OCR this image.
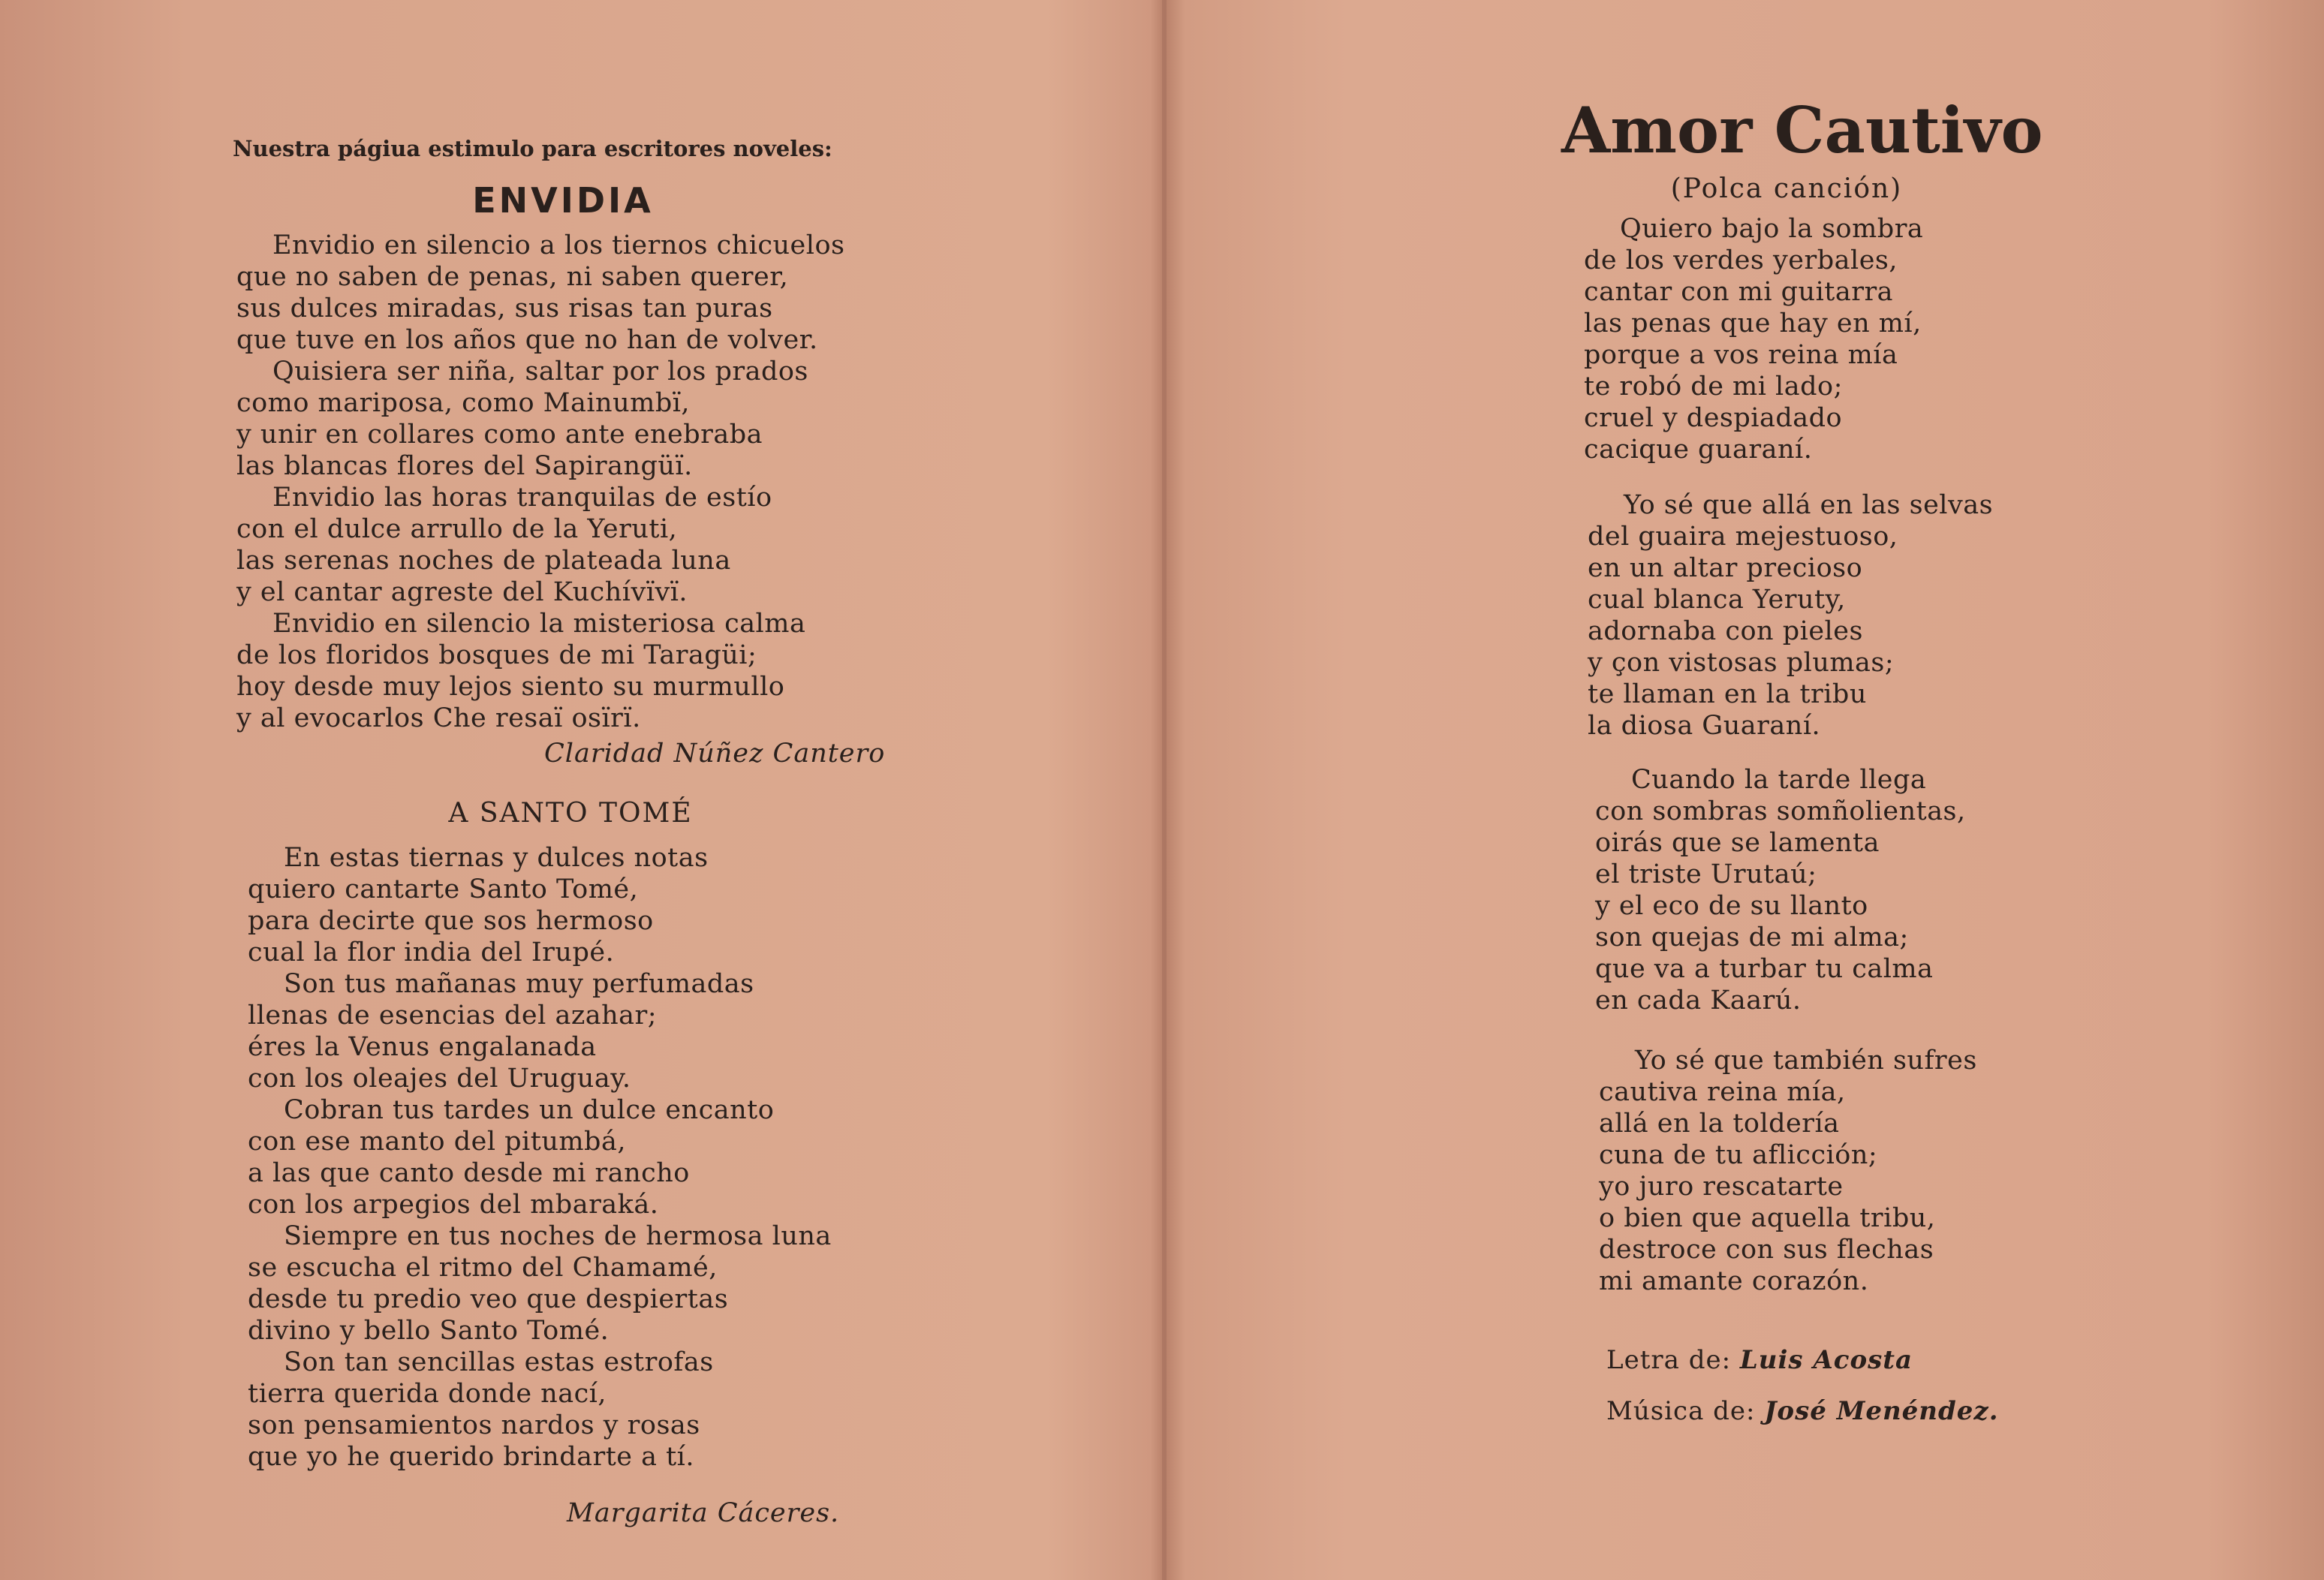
Nuestra págiua estimulo para escritores noveles:
ENVIDIA
Envidio en silencio a los tiernos chicuelos
que no saben de penas, ni saben querer,
sus dulces miradas, sus risas tan puras
que tuve en los años que no han de volver.
Quisiera ser niña, saltar por los prados
como mariposa, como Mainumbï,
y unir en collares como ante enebraba
las blancas flores del Sapirangüï.
Envidio las horas tranquilas de estío
con el dulce arrullo de la Yeruti,
las serenas noches de plateada luna
y el cantar agreste del Kuchívïvï.
Envidio en silencio la misteriosa calma
de los floridos bosques de mi Taragüi;
hoy desde muy lejos siento su murmullo
y al evocarlos Che resaï osïrï.
Claridad Núñez Cantero
A SANTO TOMÉ
En estas tiernas y dulces notas
quiero cantarte Santo Tomé,
para decirte que sos hermoso
cual la flor india del Irupé.
Son tus mañanas muy perfumadas
llenas de esencias del azahar;
éres la Venus engalanada
con los oleajes del Uruguay.
Cobran tus tardes un dulce encanto
con ese manto del pitumbá,
a las que canto desde mi rancho
con los arpegios del mbaraká.
Siempre en tus noches de hermosa luna
se escucha el ritmo del Chamamé,
desde tu predio veo que despiertas
divino y bello Santo Tomé.
Son tan sencillas estas estrofas
tierra querida donde nací,
son pensamientos nardos y rosas
que yo he querido brindarte a tí.
Margarita Cáceres.
Amor Cautivo
(Polca canción)
Quiero bajo la sombra
de los verdes yerbales,
cantar con mi guitarra
las penas que hay en mí,
porque a vos reina mía
te robó de mi lado;
cruel y despiadado
cacique guaraní.
Yo sé que allá en las selvas
del guaira mejestuoso,
en un altar precioso
cual blanca Yeruty,
adornaba con pieles
y çon vistosas plumas;
te llaman en la tribu
la diosa Guaraní.
Cuando la tarde llega
con sombras somñolientas,
oirás que se lamenta
el triste Urutaú;
y el eco de su llanto
son quejas de mi alma;
que va a turbar tu calma
en cada Kaarú.
Yo sé que también sufres
cautiva reina mía,
allá en la toldería
cuna de tu aflicción;
yo juro rescatarte
o bien que aquella tribu,
destroce con sus flechas
mi amante corazón.
Letra de: Luis Acosta
Música de: José Menéndez.
